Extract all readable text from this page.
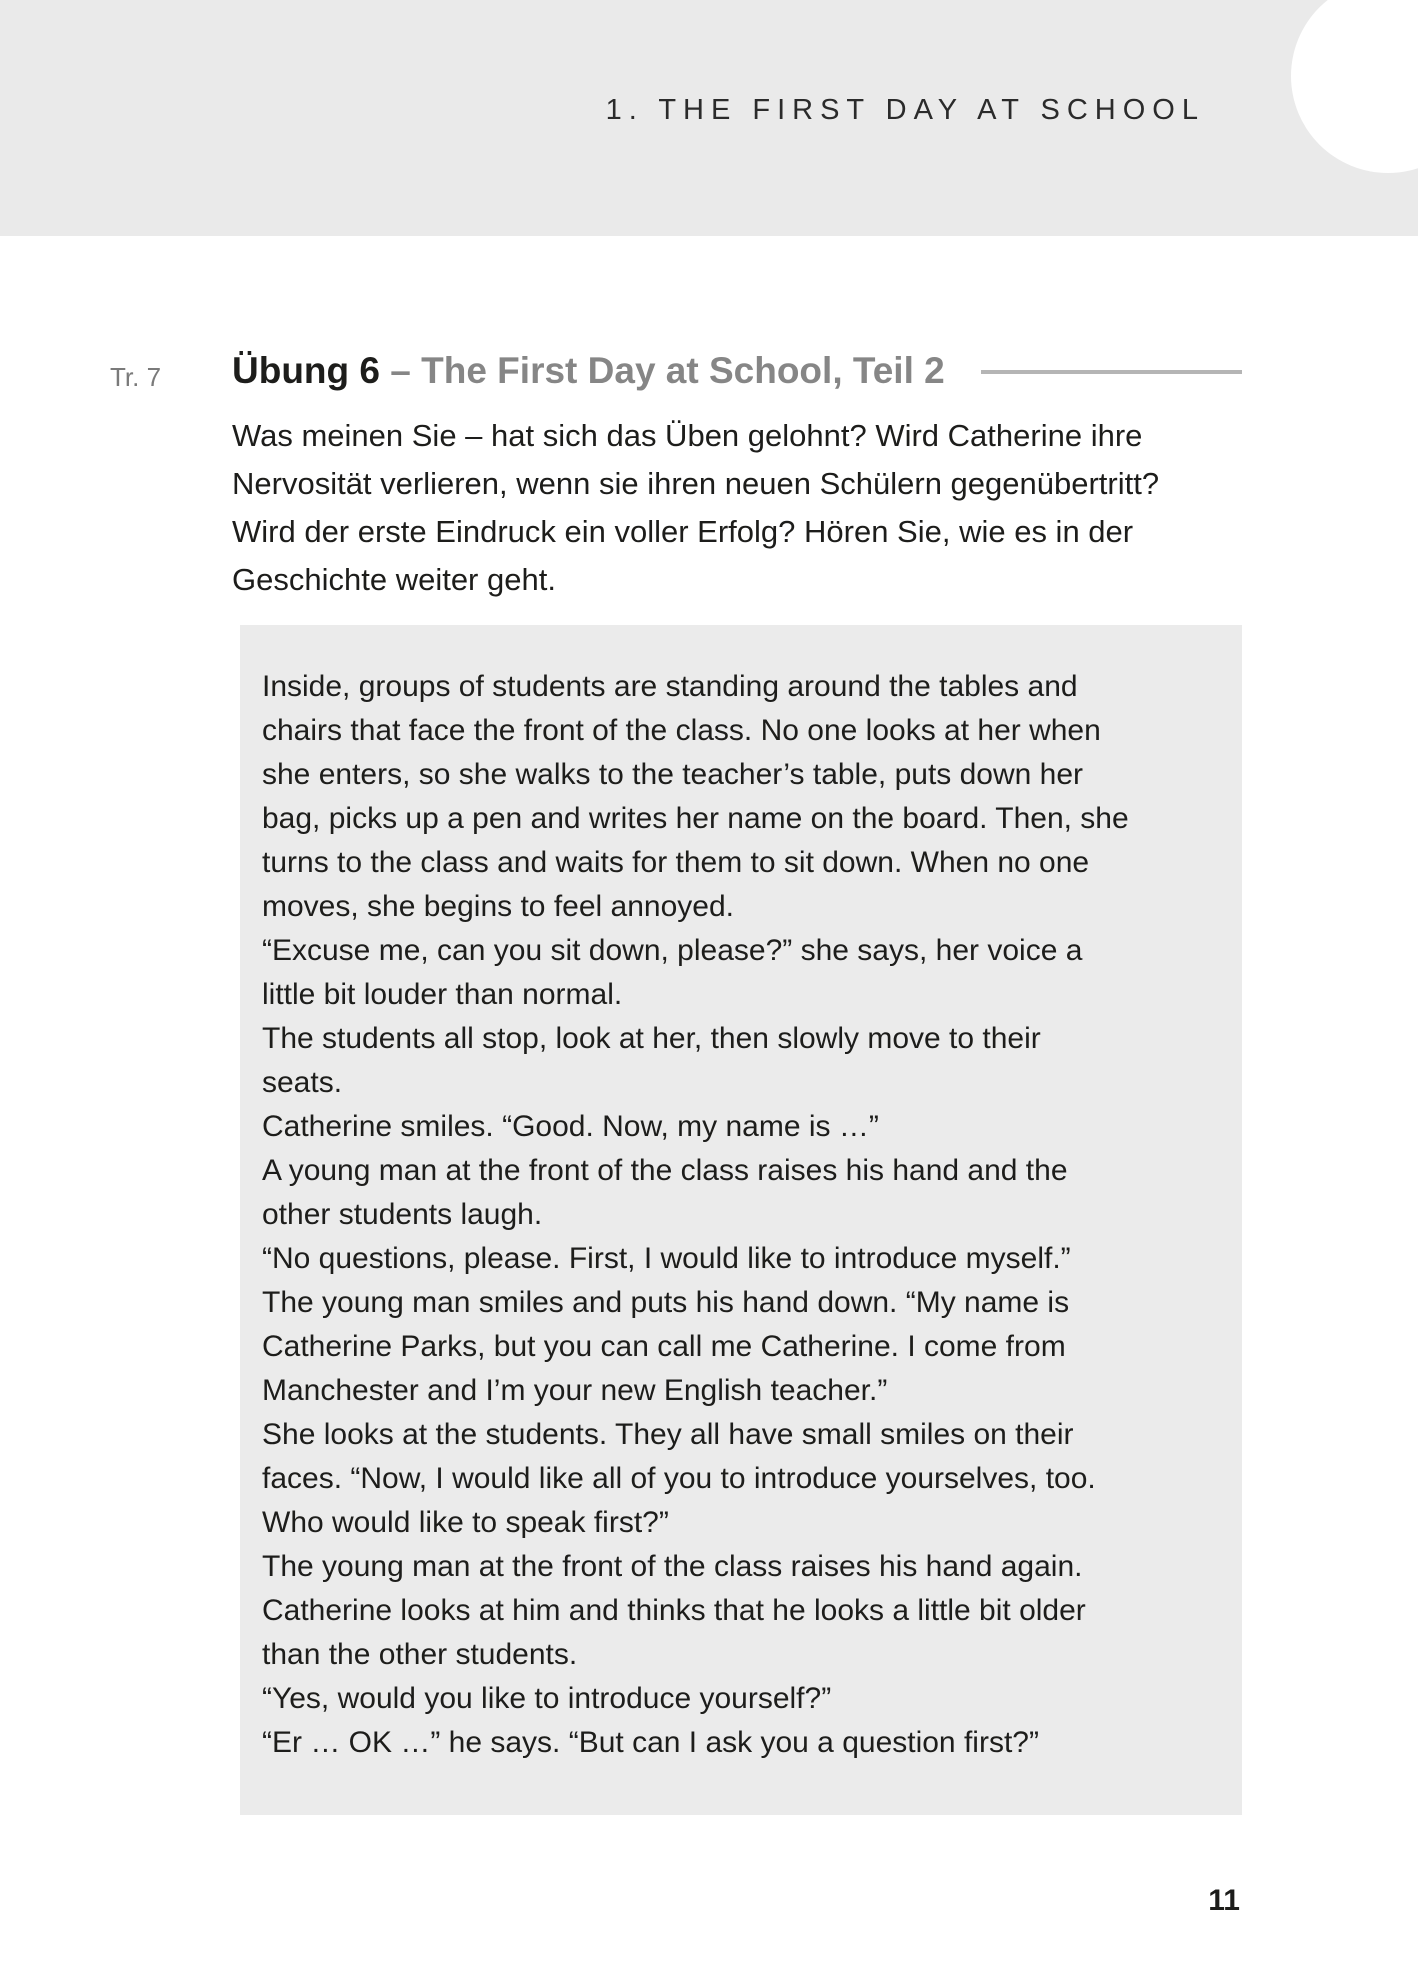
1. THE FIRST DAY AT SCHOOL
Tr. 7 Übung 6 – The First Day at School, Teil 2
Was meinen Sie – hat sich das Üben gelohnt? Wird Catherine ihre
Nervosität verlieren, wenn sie ihren neuen Schülern gegenübertritt?
Wird der erste Eindruck ein voller Erfolg? Hören Sie, wie es in der
Geschichte weiter geht.
Inside, groups of students are standing around the tables and
chairs that face the front of the class. No one looks at her when
she enters, so she walks to the teacher’s table, puts down her
bag, picks up a pen and writes her name on the board. Then, she
turns to the class and waits for them to sit down. When no one
moves, she begins to feel annoyed.
“Excuse me, can you sit down, please?” she says, her voice a
little bit louder than normal.
The students all stop, look at her, then slowly move to their
seats.
Catherine smiles. “Good. Now, my name is …”
A young man at the front of the class raises his hand and the
other students laugh.
“No questions, please. First, I would like to introduce myself.”
The young man smiles and puts his hand down. “My name is
Catherine Parks, but you can call me Catherine. I come from
Manchester and I’m your new English teacher.”
She looks at the students. They all have small smiles on their
faces. “Now, I would like all of you to introduce yourselves, too.
Who would like to speak first?”
The young man at the front of the class raises his hand again.
Catherine looks at him and thinks that he looks a little bit older
than the other students.
“Yes, would you like to introduce yourself?”
“Er … OK …” he says. “But can I ask you a question first?”
11
